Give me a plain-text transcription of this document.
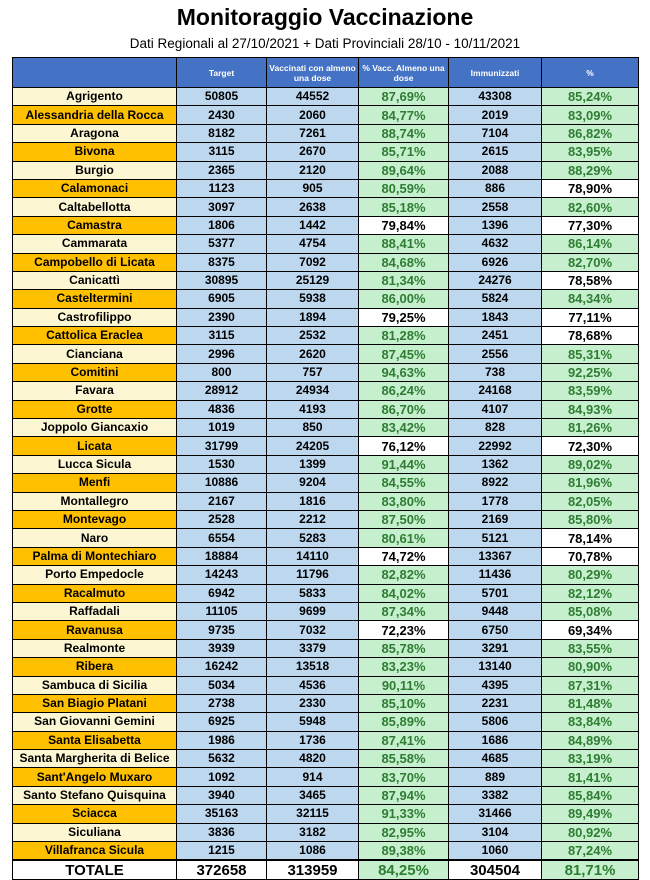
Monitoraggio Vaccinazione
Dati Regionali al 27/10/2021 + Dati Provinciali 28/10 - 10/11/2021
	Target	Vaccinati con almeno una dose	% Vacc. Almeno una dose	Immunizzati	%
Agrigento	50805	44552	87,69%	43308	85,24%
Alessandria della Rocca	2430	2060	84,77%	2019	83,09%
Aragona	8182	7261	88,74%	7104	86,82%
Bivona	3115	2670	85,71%	2615	83,95%
Burgio	2365	2120	89,64%	2088	88,29%
Calamonaci	1123	905	80,59%	886	78,90%
Caltabellotta	3097	2638	85,18%	2558	82,60%
Camastra	1806	1442	79,84%	1396	77,30%
Cammarata	5377	4754	88,41%	4632	86,14%
Campobello di Licata	8375	7092	84,68%	6926	82,70%
Canicattì	30895	25129	81,34%	24276	78,58%
Casteltermini	6905	5938	86,00%	5824	84,34%
Castrofilippo	2390	1894	79,25%	1843	77,11%
Cattolica Eraclea	3115	2532	81,28%	2451	78,68%
Cianciana	2996	2620	87,45%	2556	85,31%
Comitini	800	757	94,63%	738	92,25%
Favara	28912	24934	86,24%	24168	83,59%
Grotte	4836	4193	86,70%	4107	84,93%
Joppolo Giancaxio	1019	850	83,42%	828	81,26%
Licata	31799	24205	76,12%	22992	72,30%
Lucca Sicula	1530	1399	91,44%	1362	89,02%
Menfi	10886	9204	84,55%	8922	81,96%
Montallegro	2167	1816	83,80%	1778	82,05%
Montevago	2528	2212	87,50%	2169	85,80%
Naro	6554	5283	80,61%	5121	78,14%
Palma di Montechiaro	18884	14110	74,72%	13367	70,78%
Porto Empedocle	14243	11796	82,82%	11436	80,29%
Racalmuto	6942	5833	84,02%	5701	82,12%
Raffadali	11105	9699	87,34%	9448	85,08%
Ravanusa	9735	7032	72,23%	6750	69,34%
Realmonte	3939	3379	85,78%	3291	83,55%
Ribera	16242	13518	83,23%	13140	80,90%
Sambuca di Sicilia	5034	4536	90,11%	4395	87,31%
San Biagio Platani	2738	2330	85,10%	2231	81,48%
San Giovanni Gemini	6925	5948	85,89%	5806	83,84%
Santa Elisabetta	1986	1736	87,41%	1686	84,89%
Santa Margherita di Belice	5632	4820	85,58%	4685	83,19%
Sant'Angelo Muxaro	1092	914	83,70%	889	81,41%
Santo Stefano Quisquina	3940	3465	87,94%	3382	85,84%
Sciacca	35163	32115	91,33%	31466	89,49%
Siculiana	3836	3182	82,95%	3104	80,92%
Villafranca Sicula	1215	1086	89,38%	1060	87,24%
TOTALE	372658	313959	84,25%	304504	81,71%
